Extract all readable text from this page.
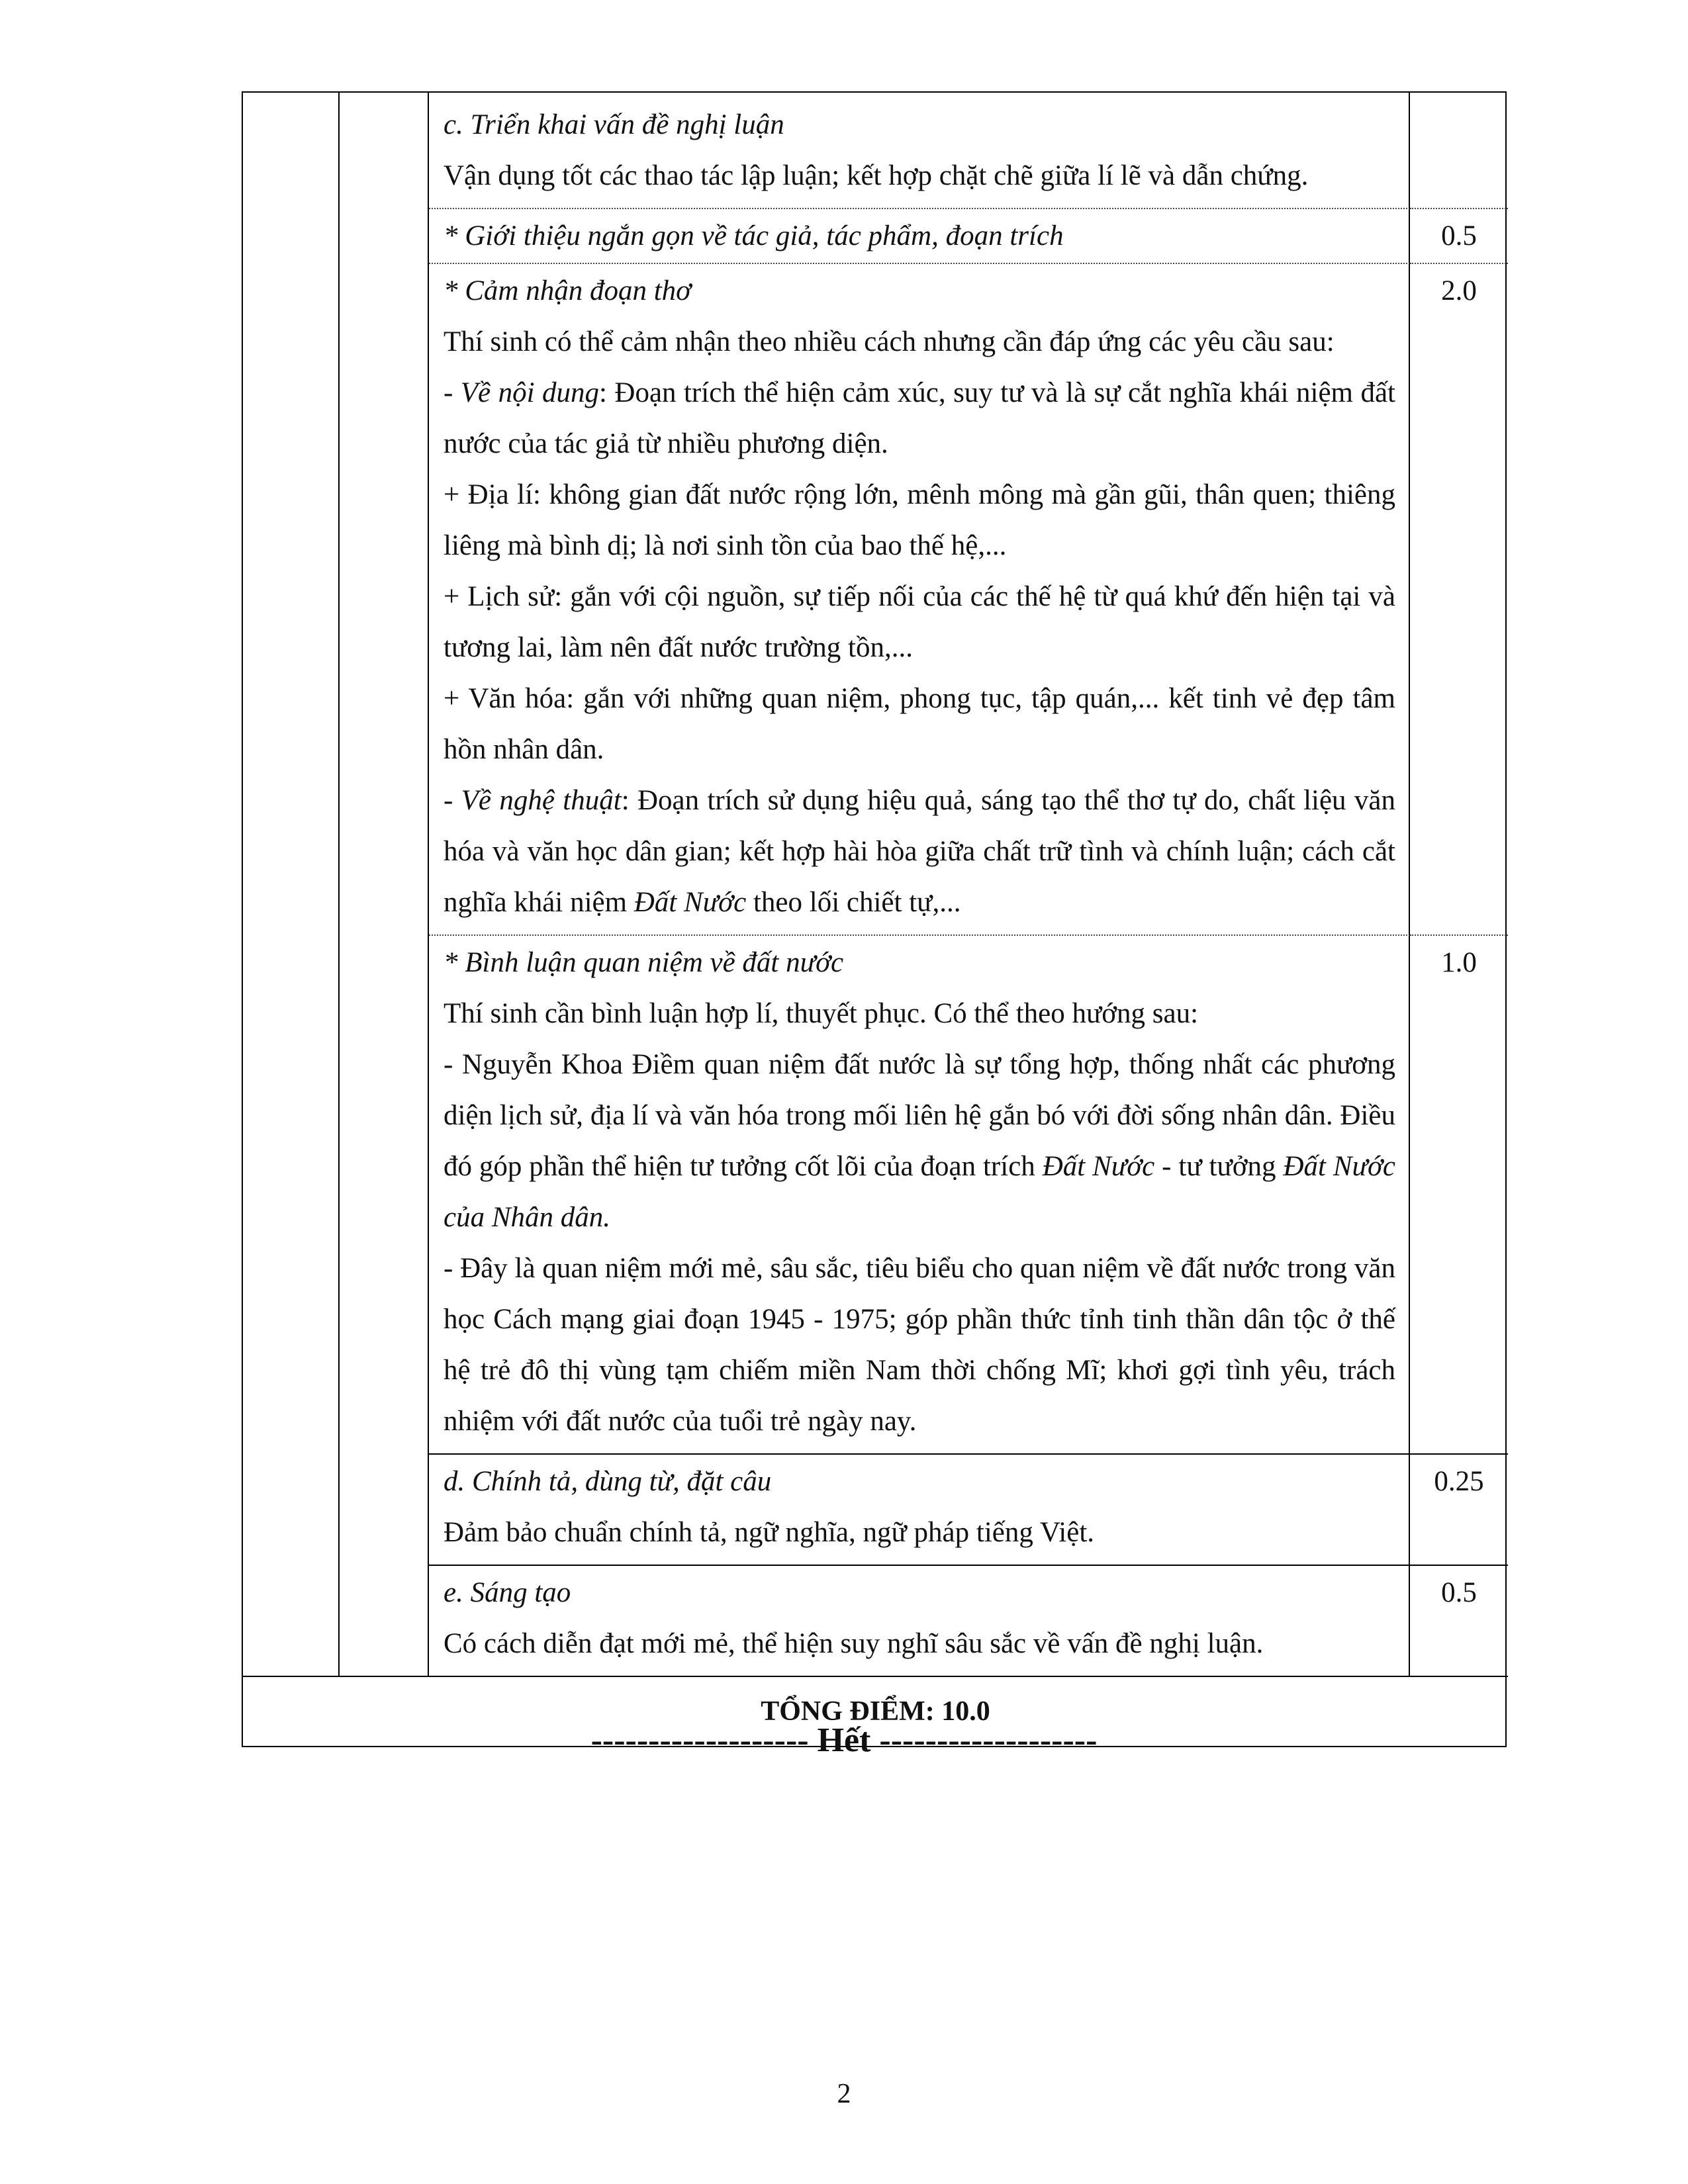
c. Triển khai vấn đề nghị luận

Vận dụng tốt các thao tác lập luận; kết hợp chặt chẽ giữa lí lẽ và dẫn chứng.

* Giới thiệu ngắn gọn về tác giả, tác phẩm, đoạn trích	0.5

* Cảm nhận đoạn thơ

Thí sinh có thể cảm nhận theo nhiều cách nhưng cần đáp ứng các yêu cầu sau:

- Về nội dung: Đoạn trích thể hiện cảm xúc, suy tư và là sự cắt nghĩa khái niệm đất nước của tác giả từ nhiều phương diện.

+ Địa lí: không gian đất nước rộng lớn, mênh mông mà gần gũi, thân quen; thiêng liêng mà bình dị; là nơi sinh tồn của bao thế hệ,...

+ Lịch sử: gắn với cội nguồn, sự tiếp nối của các thế hệ từ quá khứ đến hiện tại và tương lai, làm nên đất nước trường tồn,...

+ Văn hóa: gắn với những quan niệm, phong tục, tập quán,... kết tinh vẻ đẹp tâm hồn nhân dân.

- Về nghệ thuật: Đoạn trích sử dụng hiệu quả, sáng tạo thể thơ tự do, chất liệu văn hóa và văn học dân gian; kết hợp hài hòa giữa chất trữ tình và chính luận; cách cắt nghĩa khái niệm Đất Nước theo lối chiết tự,...

2.0

* Bình luận quan niệm về đất nước

Thí sinh cần bình luận hợp lí, thuyết phục. Có thể theo hướng sau:

- Nguyễn Khoa Điềm quan niệm đất nước là sự tổng hợp, thống nhất các phương diện lịch sử, địa lí và văn hóa trong mối liên hệ gắn bó với đời sống nhân dân. Điều đó góp phần thể hiện tư tưởng cốt lõi của đoạn trích Đất Nước - tư tưởng Đất Nước của Nhân dân.

- Đây là quan niệm mới mẻ, sâu sắc, tiêu biểu cho quan niệm về đất nước trong văn học Cách mạng giai đoạn 1945 - 1975; góp phần thức tỉnh tinh thần dân tộc ở thế hệ trẻ đô thị vùng tạm chiếm miền Nam thời chống Mĩ; khơi gợi tình yêu, trách nhiệm với đất nước của tuổi trẻ ngày nay.

1.0

d. Chính tả, dùng từ, đặt câu

Đảm bảo chuẩn chính tả, ngữ nghĩa, ngữ pháp tiếng Việt.

0.25

e. Sáng tạo

Có cách diễn đạt mới mẻ, thể hiện suy nghĩ sâu sắc về vấn đề nghị luận.

0.5
TỔNG ĐIỂM: 10.0
------------------- Hết -------------------
2
